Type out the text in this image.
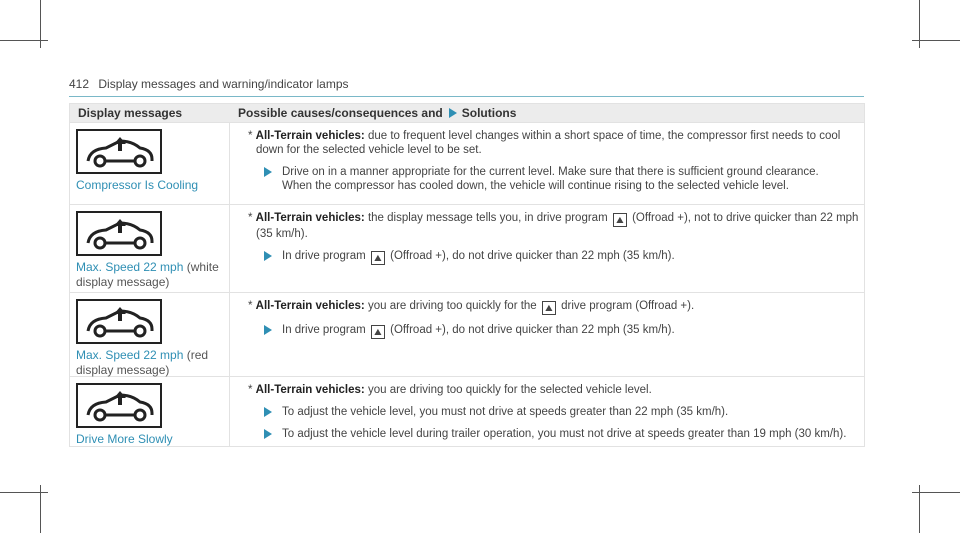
412 Display messages and warning/indicator lamps
Display messages	Possible causes/consequences and Solutions
Compressor Is Cooling
* All-Terrain vehicles: due to frequent level changes within a short space of time, the compressor first needs to cool
down for the selected vehicle level to be set.
Drive on in a manner appropriate for the current level. Make sure that there is sufficient ground clearance.
When the compressor has cooled down, the vehicle will continue rising to the selected vehicle level.
Max. Speed 22 mph (white
display message)
* All-Terrain vehicles: the display message tells you, in drive program ⛰ (Offroad +), not to drive quicker than 22 mph
(35 km/h).
In drive program ⛰ (Offroad +), do not drive quicker than 22 mph (35 km/h).
Max. Speed 22 mph (red
display message)
* All-Terrain vehicles: you are driving too quickly for the ⛰ drive program (Offroad +).
In drive program ⛰ (Offroad +), do not drive quicker than 22 mph (35 km/h).
Drive More Slowly
* All-Terrain vehicles: you are driving too quickly for the selected vehicle level.
To adjust the vehicle level, you must not drive at speeds greater than 22 mph (35 km/h).
To adjust the vehicle level during trailer operation, you must not drive at speeds greater than 19 mph (30 km/h).
